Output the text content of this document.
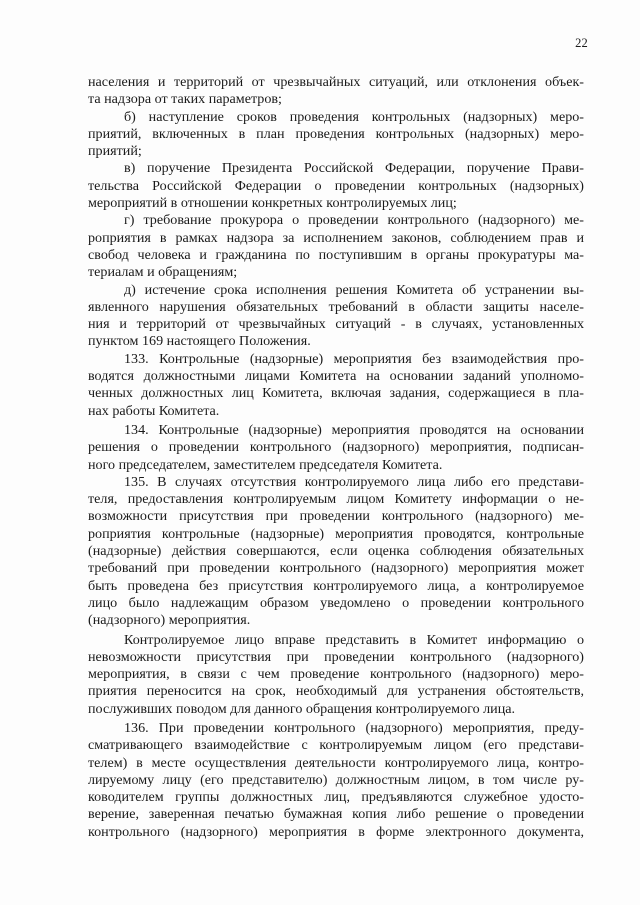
22
населения и территорий от чрезвычайных ситуаций, или отклонения объек-
та надзора от таких параметров;
б) наступление сроков проведения контрольных (надзорных) меро-
приятий, включенных в план проведения контрольных (надзорных) меро-
приятий;
в) поручение Президента Российской Федерации, поручение Прави-
тельства Российской Федерации о проведении контрольных (надзорных)
мероприятий в отношении конкретных контролируемых лиц;
г) требование прокурора о проведении контрольного (надзорного) ме-
роприятия в рамках надзора за исполнением законов, соблюдением прав и
свобод человека и гражданина по поступившим в органы прокуратуры ма-
териалам и обращениям;
д) истечение срока исполнения решения Комитета об устранении вы-
явленного нарушения обязательных требований в области защиты населе-
ния и территорий от чрезвычайных ситуаций - в случаях, установленных
пунктом 169 настоящего Положения.
133. Контрольные (надзорные) мероприятия без взаимодействия про-
водятся должностными лицами Комитета на основании заданий уполномо-
ченных должностных лиц Комитета, включая задания, содержащиеся в пла-
нах работы Комитета.
134. Контрольные (надзорные) мероприятия проводятся на основании
решения о проведении контрольного (надзорного) мероприятия, подписан-
ного председателем, заместителем председателя Комитета.
135. В случаях отсутствия контролируемого лица либо его представи-
теля, предоставления контролируемым лицом Комитету информации о не-
возможности присутствия при проведении контрольного (надзорного) ме-
роприятия контрольные (надзорные) мероприятия проводятся, контрольные
(надзорные) действия совершаются, если оценка соблюдения обязательных
требований при проведении контрольного (надзорного) мероприятия может
быть проведена без присутствия контролируемого лица, а контролируемое
лицо было надлежащим образом уведомлено о проведении контрольного
(надзорного) мероприятия.
Контролируемое лицо вправе представить в Комитет информацию о
невозможности присутствия при проведении контрольного (надзорного)
мероприятия, в связи с чем проведение контрольного (надзорного) меро-
приятия переносится на срок, необходимый для устранения обстоятельств,
послуживших поводом для данного обращения контролируемого лица.
136. При проведении контрольного (надзорного) мероприятия, преду-
сматривающего взаимодействие с контролируемым лицом (его представи-
телем) в месте осуществления деятельности контролируемого лица, контро-
лируемому лицу (его представителю) должностным лицом, в том числе ру-
ководителем группы должностных лиц, предъявляются служебное удосто-
верение, заверенная печатью бумажная копия либо решение о проведении
контрольного (надзорного) мероприятия в форме электронного документа,
